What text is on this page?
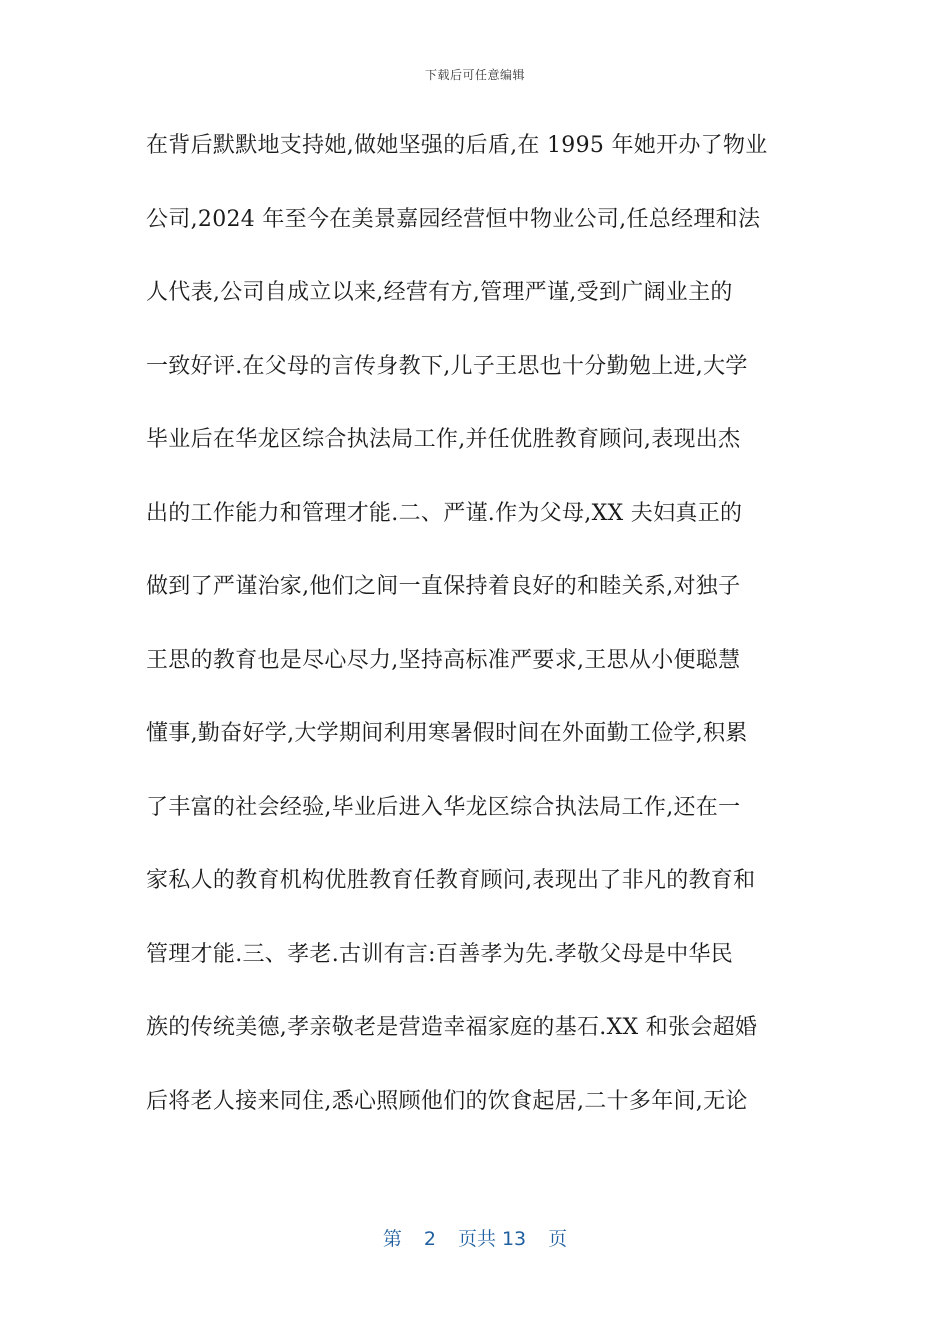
下载后可任意编辑
在背后默默地支持她,做她坚强的后盾,在 1995 年她开办了物业
公司,2024 年至今在美景嘉园经营恒中物业公司,任总经理和法
人代表,公司自成立以来,经营有方,管理严谨,受到广阔业主的
一致好评.在父母的言传身教下,儿子王思也十分勤勉上进,大学
毕业后在华龙区综合执法局工作,并任优胜教育顾问,表现出杰
出的工作能力和管理才能.二、严谨.作为父母,XX 夫妇真正的
做到了严谨治家,他们之间一直保持着良好的和睦关系,对独子
王思的教育也是尽心尽力,坚持高标准严要求,王思从小便聪慧
懂事,勤奋好学,大学期间利用寒暑假时间在外面勤工俭学,积累
了丰富的社会经验,毕业后进入华龙区综合执法局工作,还在一
家私人的教育机构优胜教育任教育顾问,表现出了非凡的教育和
管理才能.三、孝老.古训有言:百善孝为先.孝敬父母是中华民
族的传统美德,孝亲敬老是营造幸福家庭的基石.XX 和张会超婚
后将老人接来同住,悉心照顾他们的饮食起居,二十多年间,无论
第 2 页共 13 页
